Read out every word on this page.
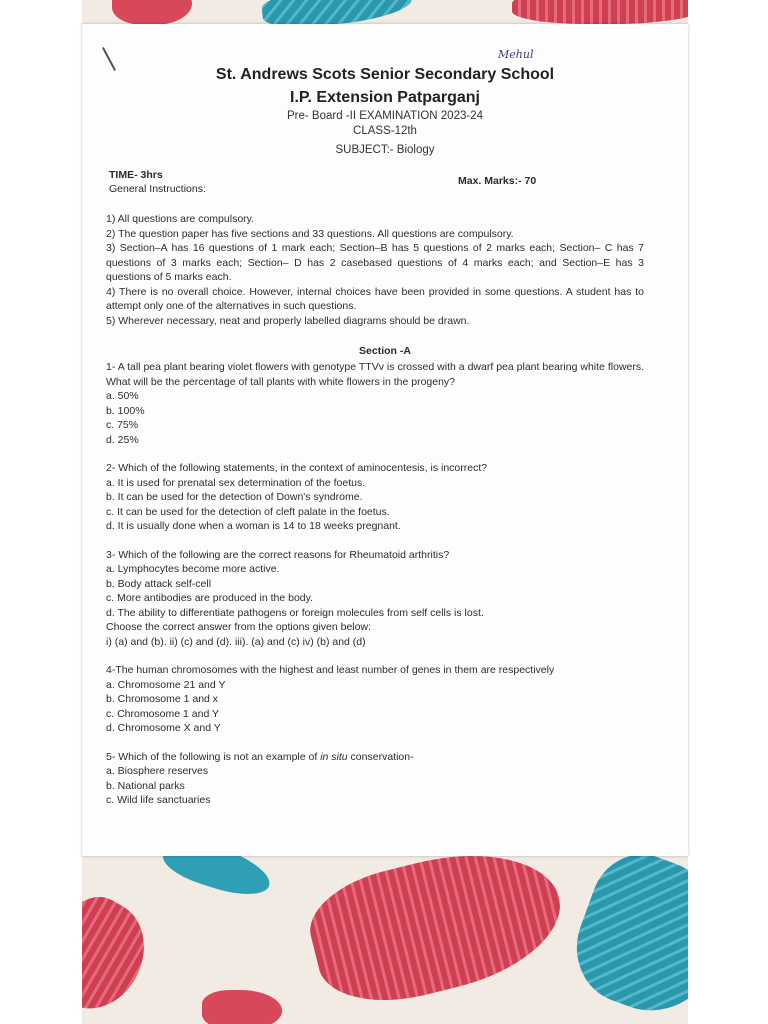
Mehul
St. Andrews Scots Senior Secondary School
I.P. Extension Patparganj
Pre- Board -II EXAMINATION 2023-24
CLASS-12th
SUBJECT:- Biology
TIME- 3hrs	Max. Marks:- 70
General Instructions:
1) All questions are compulsory.
2) The question paper has five sections and 33 questions. All questions are compulsory.
3) Section–A has 16 questions of 1 mark each; Section–B has 5 questions of 2 marks each; Section– C has 7 questions of 3 marks each; Section– D has 2 casebased questions of 4 marks each; and Section–E has 3 questions of 5 marks each.
4) There is no overall choice. However, internal choices have been provided in some questions. A student has to attempt only one of the alternatives in such questions.
5) Wherever necessary, neat and properly labelled diagrams should be drawn.
Section -A
1- A tall pea plant bearing violet flowers with genotype TTVv is crossed with a dwarf pea plant bearing white flowers. What will be the percentage of tall plants with white flowers in the progeny?
a. 50%
b. 100%
c. 75%
d. 25%
2- Which of the following statements, in the context of aminocentesis, is incorrect?
a. It is used for prenatal sex determination of the foetus.
b. It can be used for the detection of Down's syndrome.
c. It can be used for the detection of cleft palate in the foetus.
d. It is usually done when a woman is 14 to 18 weeks pregnant.
3- Which of the following are the correct reasons for Rheumatoid arthritis?
a. Lymphocytes become more active.
b. Body attack self-cell
c. More antibodies are produced in the body.
d. The ability to differentiate pathogens or foreign molecules from self cells is lost.
Choose the correct answer from the options given below:
i) (a) and (b). ii) (c) and (d). iii). (a) and (c) iv) (b) and (d)
4-The human chromosomes with the highest and least number of genes in them are respectively
a. Chromosome 21 and Y
b. Chromosome 1 and x
c. Chromosome 1 and Y
d. Chromosome X and Y
5- Which of the following is not an example of in situ conservation-
a. Biosphere reserves
b. National parks
c. Wild life sanctuaries
